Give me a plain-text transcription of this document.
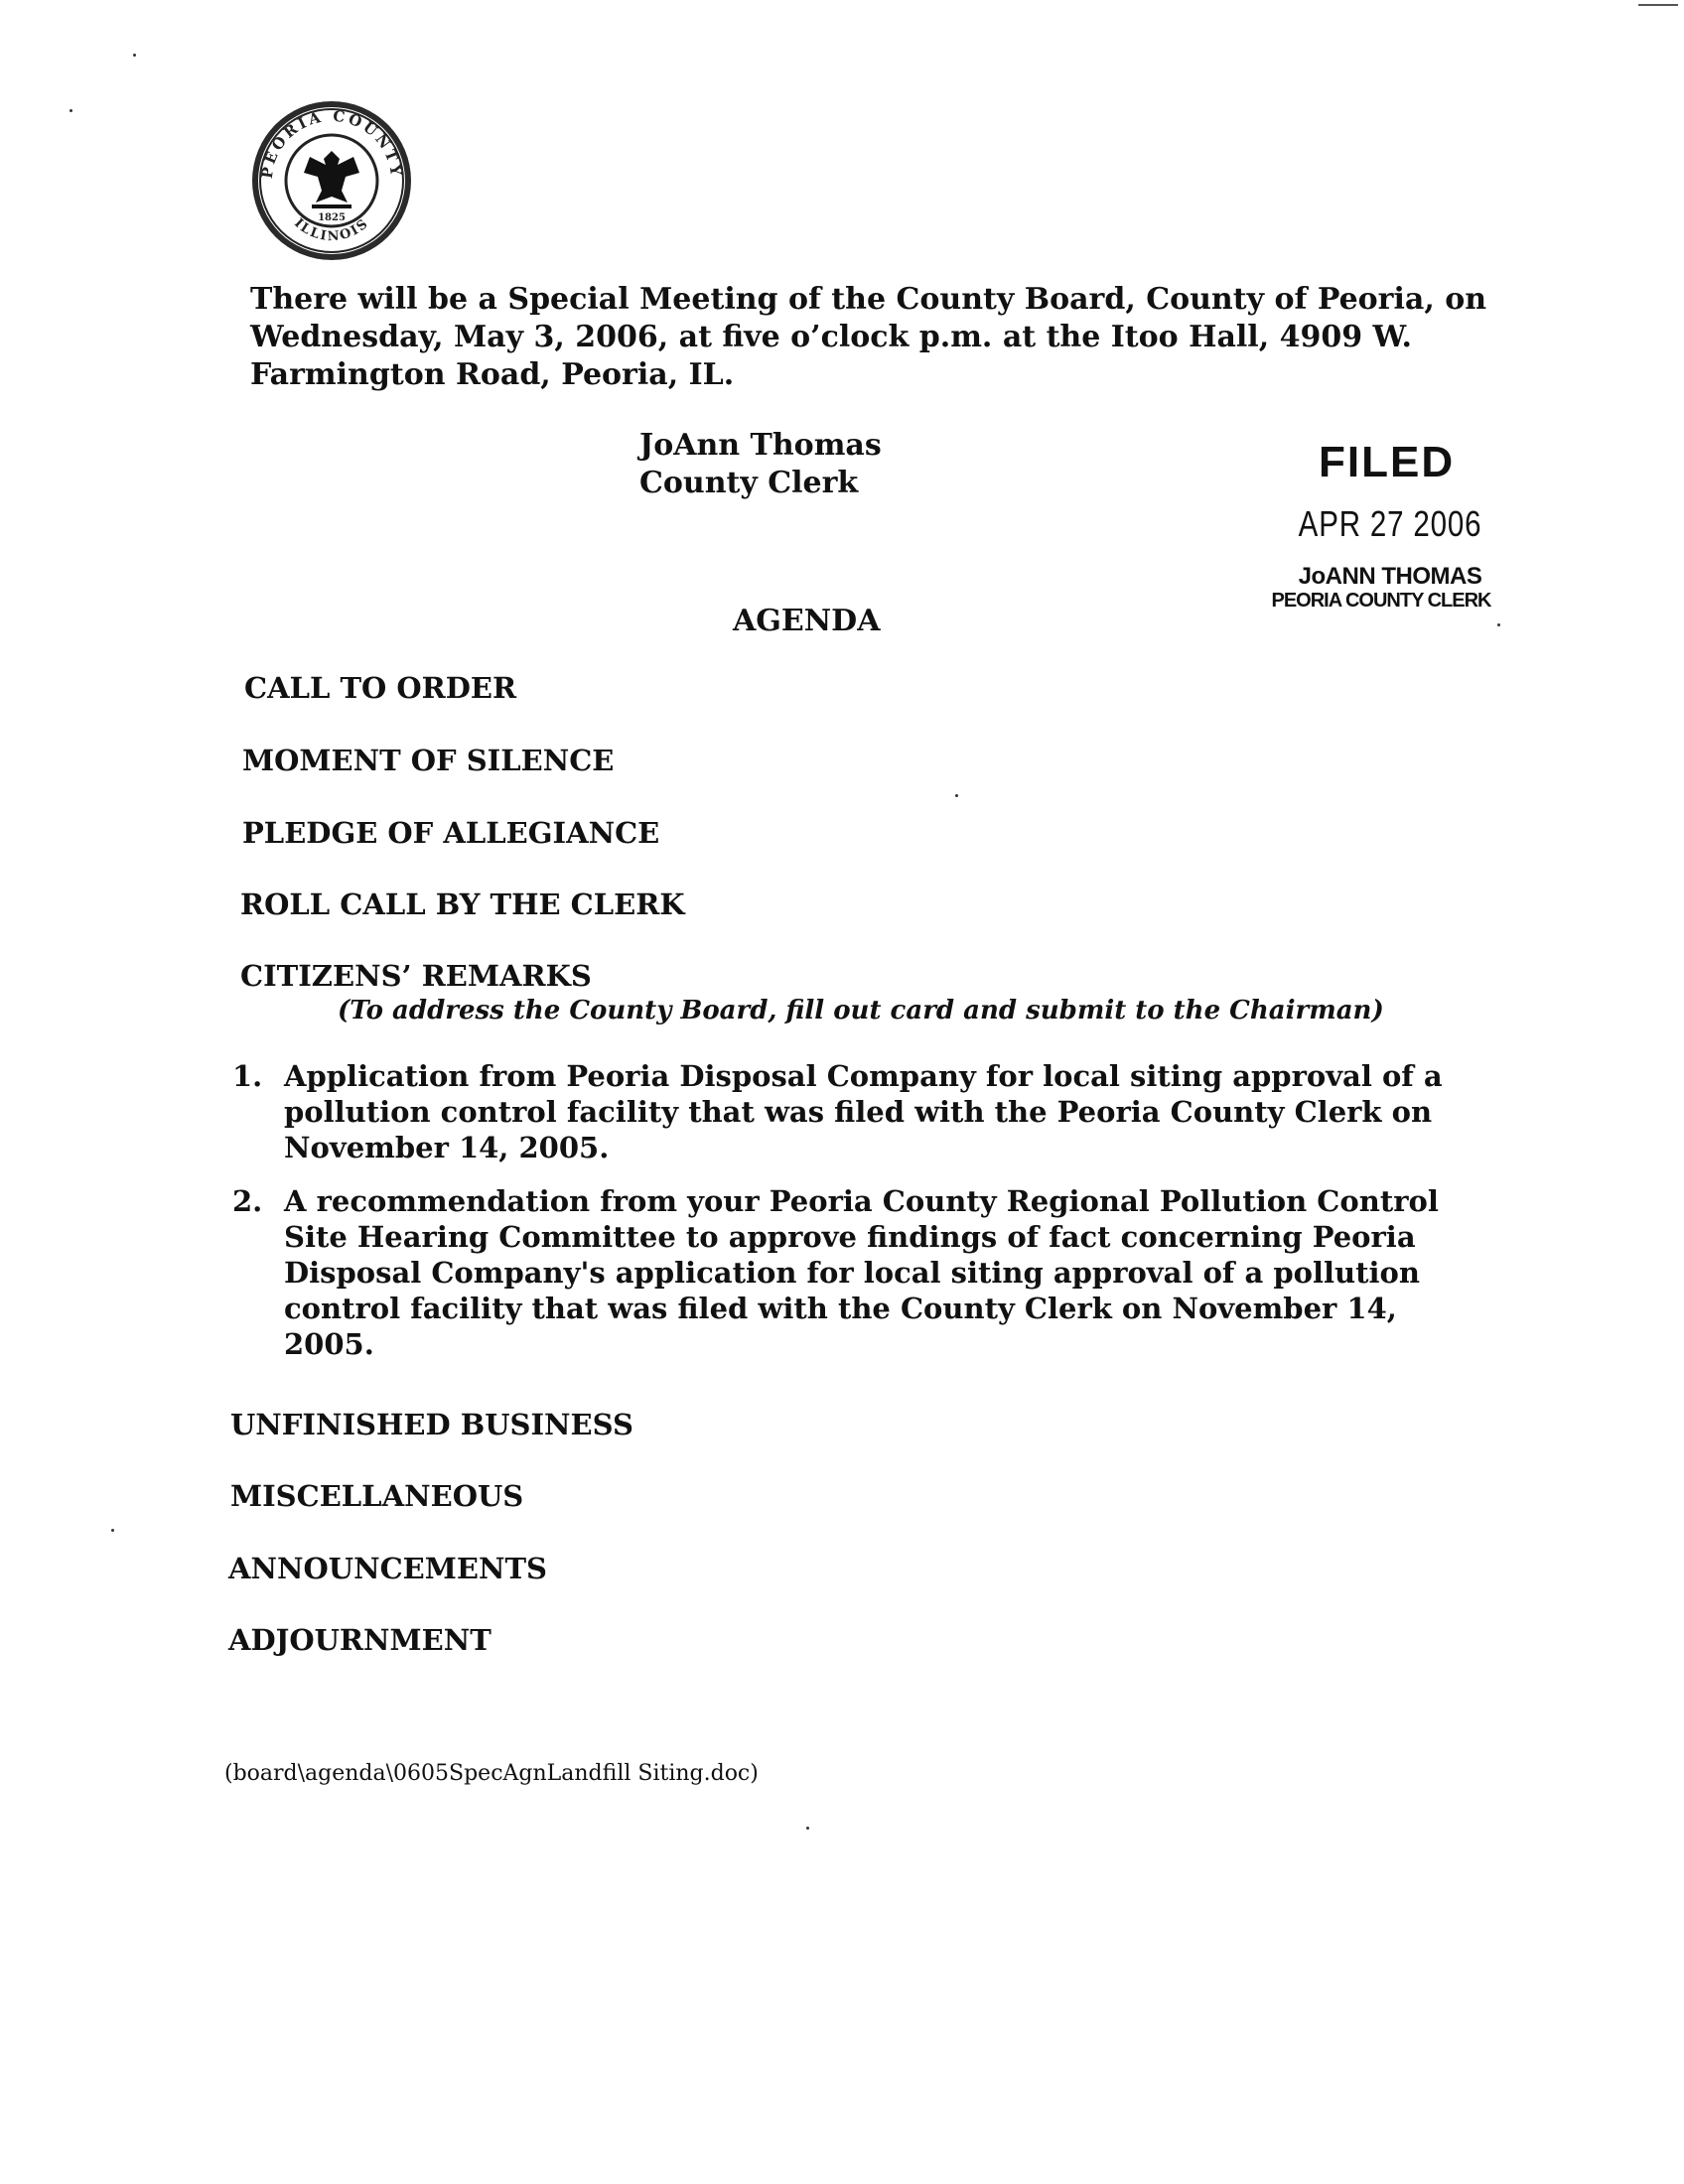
PEORIA COUNTY
ILLINOIS
1825
There will be a Special Meeting of the County Board, County of Peoria, on
Wednesday, May 3, 2006, at five o’clock p.m. at the Itoo Hall, 4909 W.
Farmington Road, Peoria, IL.
JoAnn Thomas
County Clerk	FILED
APR 27 2006
JoANN THOMAS
PEORIA COUNTY CLERK
AGENDA
CALL TO ORDER
MOMENT OF SILENCE
PLEDGE OF ALLEGIANCE
ROLL CALL BY THE CLERK
CITIZENS’ REMARKS
(To address the County Board, fill out card and submit to the Chairman)
1. Application from Peoria Disposal Company for local siting approval of a
pollution control facility that was filed with the Peoria County Clerk on
November 14, 2005.
2. A recommendation from your Peoria County Regional Pollution Control
Site Hearing Committee to approve findings of fact concerning Peoria
Disposal Company's application for local siting approval of a pollution
control facility that was filed with the County Clerk on November 14,
2005.
UNFINISHED BUSINESS
MISCELLANEOUS
ANNOUNCEMENTS
ADJOURNMENT
(board\agenda\0605SpecAgnLandfill Siting.doc)
